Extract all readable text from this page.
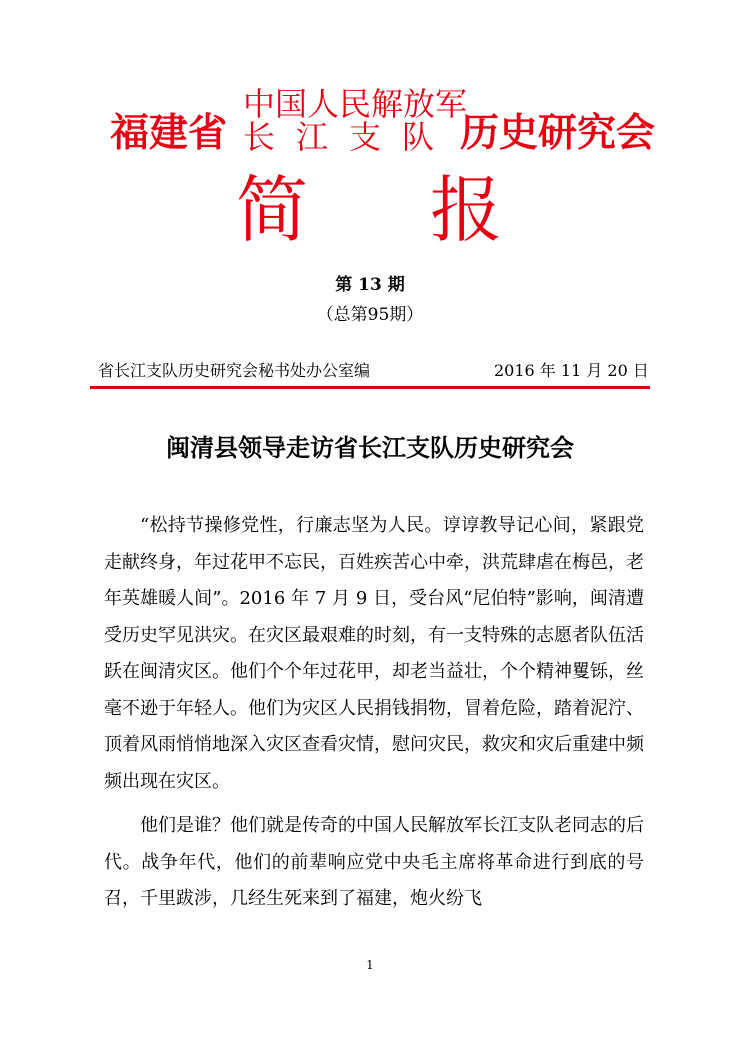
福建省
中国人民解放军
长江支队 历史研究会
简 报
第 13 期
（总第95期）
省长江支队历史研究会秘书处办公室编	2016 年 11 月 20 日
闽清县领导走访省长江支队历史研究会

“松持节操修党性，行廉志坚为人民。谆谆教导记心间，紧跟党走献终身，年过花甲不忘民，百姓疾苦心中牵，洪荒肆虐在梅邑，老年英雄暖人间”。2016 年 7 月 9 日，受台风“尼伯特”影响，闽清遭受历史罕见洪灾。在灾区最艰难的时刻，有一支特殊的志愿者队伍活跃在闽清灾区。他们个个年过花甲，却老当益壮，个个精神矍铄，丝毫不逊于年轻人。他们为灾区人民捐钱捐物，冒着危险，踏着泥泞、顶着风雨悄悄地深入灾区查看灾情，慰问灾民，救灾和灾后重建中频频出现在灾区。

他们是谁？他们就是传奇的中国人民解放军长江支队老同志的后代。战争年代，他们的前辈响应党中央毛主席将革命进行到底的号召，千里跋涉，几经生死来到了福建，炮火纷飞

1
